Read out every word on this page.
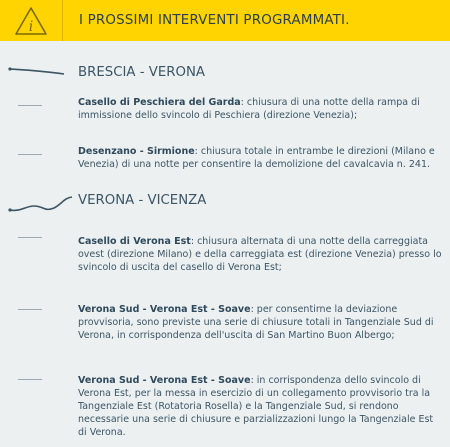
i	I PROSSIMI INTERVENTI PROGRAMMATI.
BRESCIA - VERONA
Casello di Peschiera del Garda: chiusura di una notte della rampa di immissione dello svincolo di Peschiera (direzione Venezia);
Desenzano - Sirmione: chiusura totale in entrambe le direzioni (Milano e Venezia) di una notte per consentire la demolizione del cavalcavia n. 241.
VERONA - VICENZA
Casello di Verona Est: chiusura alternata di una notte della carreggiata ovest (direzione Milano) e della carreggiata est (direzione Venezia) presso lo svincolo di uscita del casello di Verona Est;
Verona Sud - Verona Est - Soave: per consentirne la deviazione provvisoria, sono previste una serie di chiusure totali in Tangenziale Sud di Verona, in corrispondenza dell'uscita di San Martino Buon Albergo;
Verona Sud - Verona Est - Soave: in corrispondenza dello svincolo di Verona Est, per la messa in esercizio di un collegamento provvisorio tra la Tangenziale Est (Rotatoria Rosella) e la Tangenziale Sud, si rendono necessarie una serie di chiusure e parzializzazioni lungo la Tangenziale Est di Verona.
